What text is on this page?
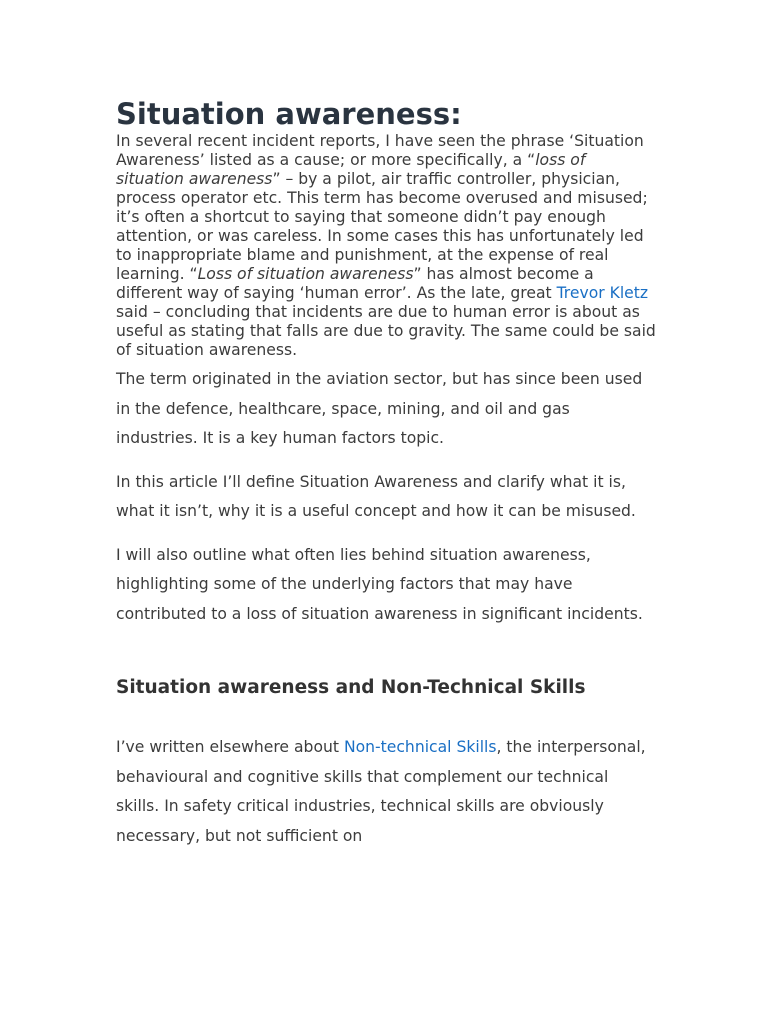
Situation awareness:

In several recent incident reports, I have seen the phrase ‘Situation Awareness’ listed as a cause; or more specifically, a “loss of situation awareness” – by a pilot, air traffic controller, physician, process operator etc. This term has become overused and misused; it’s often a shortcut to saying that someone didn’t pay enough attention, or was careless. In some cases this has unfortunately led to inappropriate blame and punishment, at the expense of real learning. “Loss of situation awareness” has almost become a different way of saying ‘human error’. As the late, great Trevor Kletz said – concluding that incidents are due to human error is about as useful as stating that falls are due to gravity. The same could be said of situation awareness.

The term originated in the aviation sector, but has since been used in the defence, healthcare, space, mining, and oil and gas industries. It is a key human factors topic.

In this article I’ll define Situation Awareness and clarify what it is, what it isn’t, why it is a useful concept and how it can be misused.

I will also outline what often lies behind situation awareness, highlighting some of the underlying factors that may have contributed to a loss of situation awareness in significant incidents.

Situation awareness and Non-Technical Skills

I’ve written elsewhere about Non-technical Skills, the interpersonal, behavioural and cognitive skills that complement our technical skills. In safety critical industries, technical skills are obviously necessary, but not sufficient on
